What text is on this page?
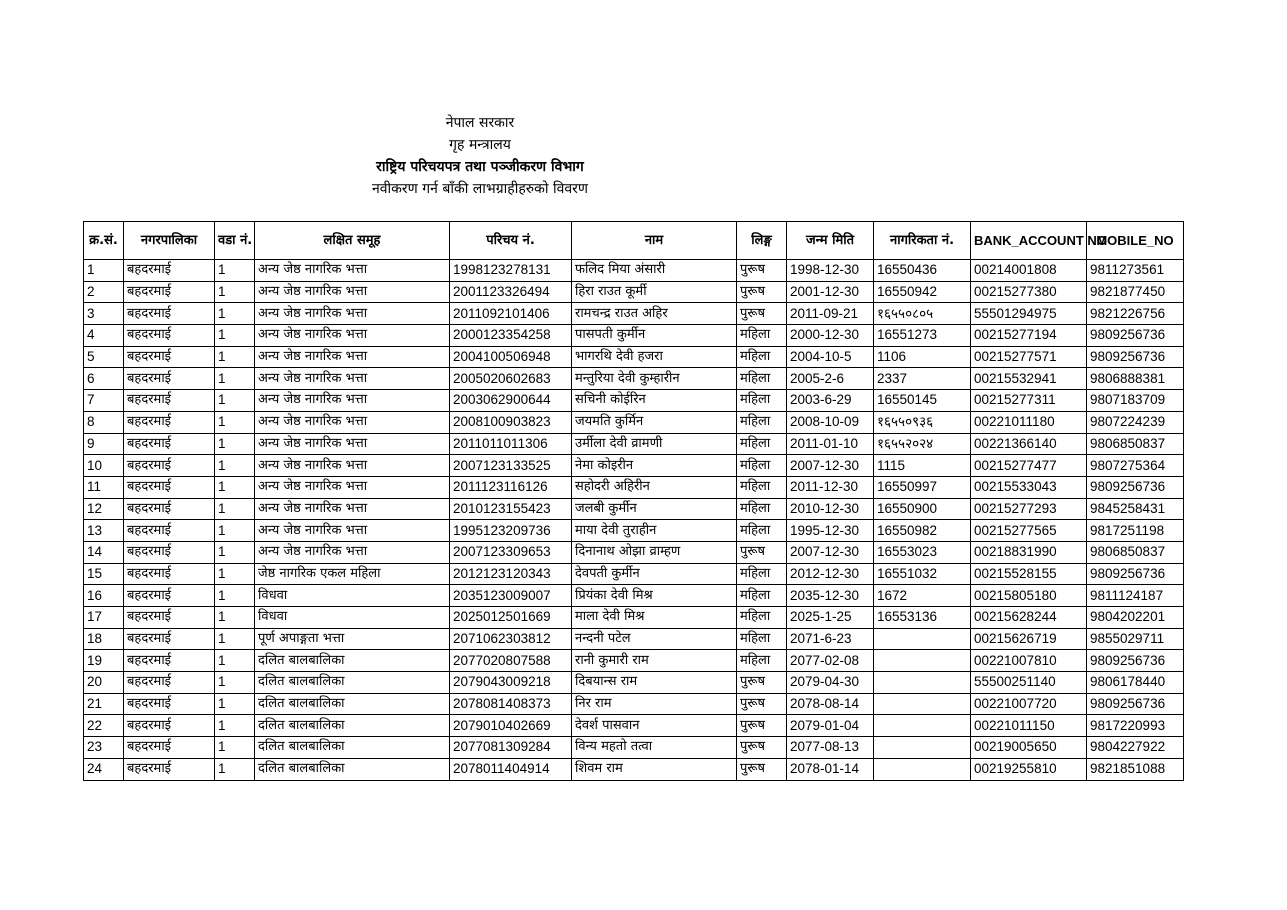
नेपाल सरकार
गृह मन्त्रालय
राष्ट्रिय परिचयपत्र तथा पञ्जीकरण विभाग
नवीकरण गर्न बाँकी लाभग्राहीहरुको विवरण
क्र.सं.	नगरपालिका	वडा नं.	लक्षित समूह	परिचय नं.	नाम	लिङ्ग	जन्म मिति	नागरिकता नं.	BANK_ACCOUNT NO	MOBILE_NO
1	बहदरमाई	1	अन्य जेष्ठ नागरिक भत्ता	1998123278131	फलिद मिया अंसारी	पुरूष	1998-12-30	16550436	00214001808	9811273561
2	बहदरमाई	1	अन्य जेष्ठ नागरिक भत्ता	2001123326494	हिरा राउत कूर्मी	पुरूष	2001-12-30	16550942	00215277380	9821877450
3	बहदरमाई	1	अन्य जेष्ठ नागरिक भत्ता	2011092101406	रामचन्द्र राउत अहिर	पुरूष	2011-09-21	१६५५०८०५	55501294975	9821226756
4	बहदरमाई	1	अन्य जेष्ठ नागरिक भत्ता	2000123354258	पासपती कुर्मीन	महिला	2000-12-30	16551273	00215277194	9809256736
5	बहदरमाई	1	अन्य जेष्ठ नागरिक भत्ता	2004100506948	भागरथि देवी हजरा	महिला	2004-10-5	1106	00215277571	9809256736
6	बहदरमाई	1	अन्य जेष्ठ नागरिक भत्ता	2005020602683	मन्तुरिया देवी कुम्हारीन	महिला	2005-2-6	2337	00215532941	9806888381
7	बहदरमाई	1	अन्य जेष्ठ नागरिक भत्ता	2003062900644	सचिनी कोईरिन	महिला	2003-6-29	16550145	00215277311	9807183709
8	बहदरमाई	1	अन्य जेष्ठ नागरिक भत्ता	2008100903823	जयमति कुर्मिन	महिला	2008-10-09	१६५५०९३६	00221011180	9807224239
9	बहदरमाई	1	अन्य जेष्ठ नागरिक भत्ता	2011011011306	उर्मीला देवी व्रामणी	महिला	2011-01-10	१६५५२०२४	00221366140	9806850837
10	बहदरमाई	1	अन्य जेष्ठ नागरिक भत्ता	2007123133525	नेमा कोइरीन	महिला	2007-12-30	1115	00215277477	9807275364
11	बहदरमाई	1	अन्य जेष्ठ नागरिक भत्ता	2011123116126	सहोदरी अहिरीन	महिला	2011-12-30	16550997	00215533043	9809256736
12	बहदरमाई	1	अन्य जेष्ठ नागरिक भत्ता	2010123155423	जलबी कुर्मीन	महिला	2010-12-30	16550900	00215277293	9845258431
13	बहदरमाई	1	अन्य जेष्ठ नागरिक भत्ता	1995123209736	माया देवी तुराहीन	महिला	1995-12-30	16550982	00215277565	9817251198
14	बहदरमाई	1	अन्य जेष्ठ नागरिक भत्ता	2007123309653	दिनानाथ ओझा व्राम्हण	पुरूष	2007-12-30	16553023	00218831990	9806850837
15	बहदरमाई	1	जेष्ठ नागरिक एकल महिला	2012123120343	देवपती कुर्मीन	महिला	2012-12-30	16551032	00215528155	9809256736
16	बहदरमाई	1	विधवा	2035123009007	प्रियंका देवी मिश्र	महिला	2035-12-30	1672	00215805180	9811124187
17	बहदरमाई	1	विधवा	2025012501669	माला देवी मिश्र	महिला	2025-1-25	16553136	00215628244	9804202201
18	बहदरमाई	1	पूर्ण अपाङ्गता भत्ता	2071062303812	नन्दनी पटेल	महिला	2071-6-23		00215626719	9855029711
19	बहदरमाई	1	दलित बालबालिका	2077020807588	रानी कुमारी राम	महिला	2077-02-08		00221007810	9809256736
20	बहदरमाई	1	दलित बालबालिका	2079043009218	दिबयान्स राम	पुरूष	2079-04-30		55500251140	9806178440
21	बहदरमाई	1	दलित बालबालिका	2078081408373	निर राम	पुरूष	2078-08-14		00221007720	9809256736
22	बहदरमाई	1	दलित बालबालिका	2079010402669	देवर्श पासवान	पुरूष	2079-01-04		00221011150	9817220993
23	बहदरमाई	1	दलित बालबालिका	2077081309284	विन्य महतो तत्वा	पुरूष	2077-08-13		00219005650	9804227922
24	बहदरमाई	1	दलित बालबालिका	2078011404914	शिवम राम	पुरूष	2078-01-14		00219255810	9821851088
